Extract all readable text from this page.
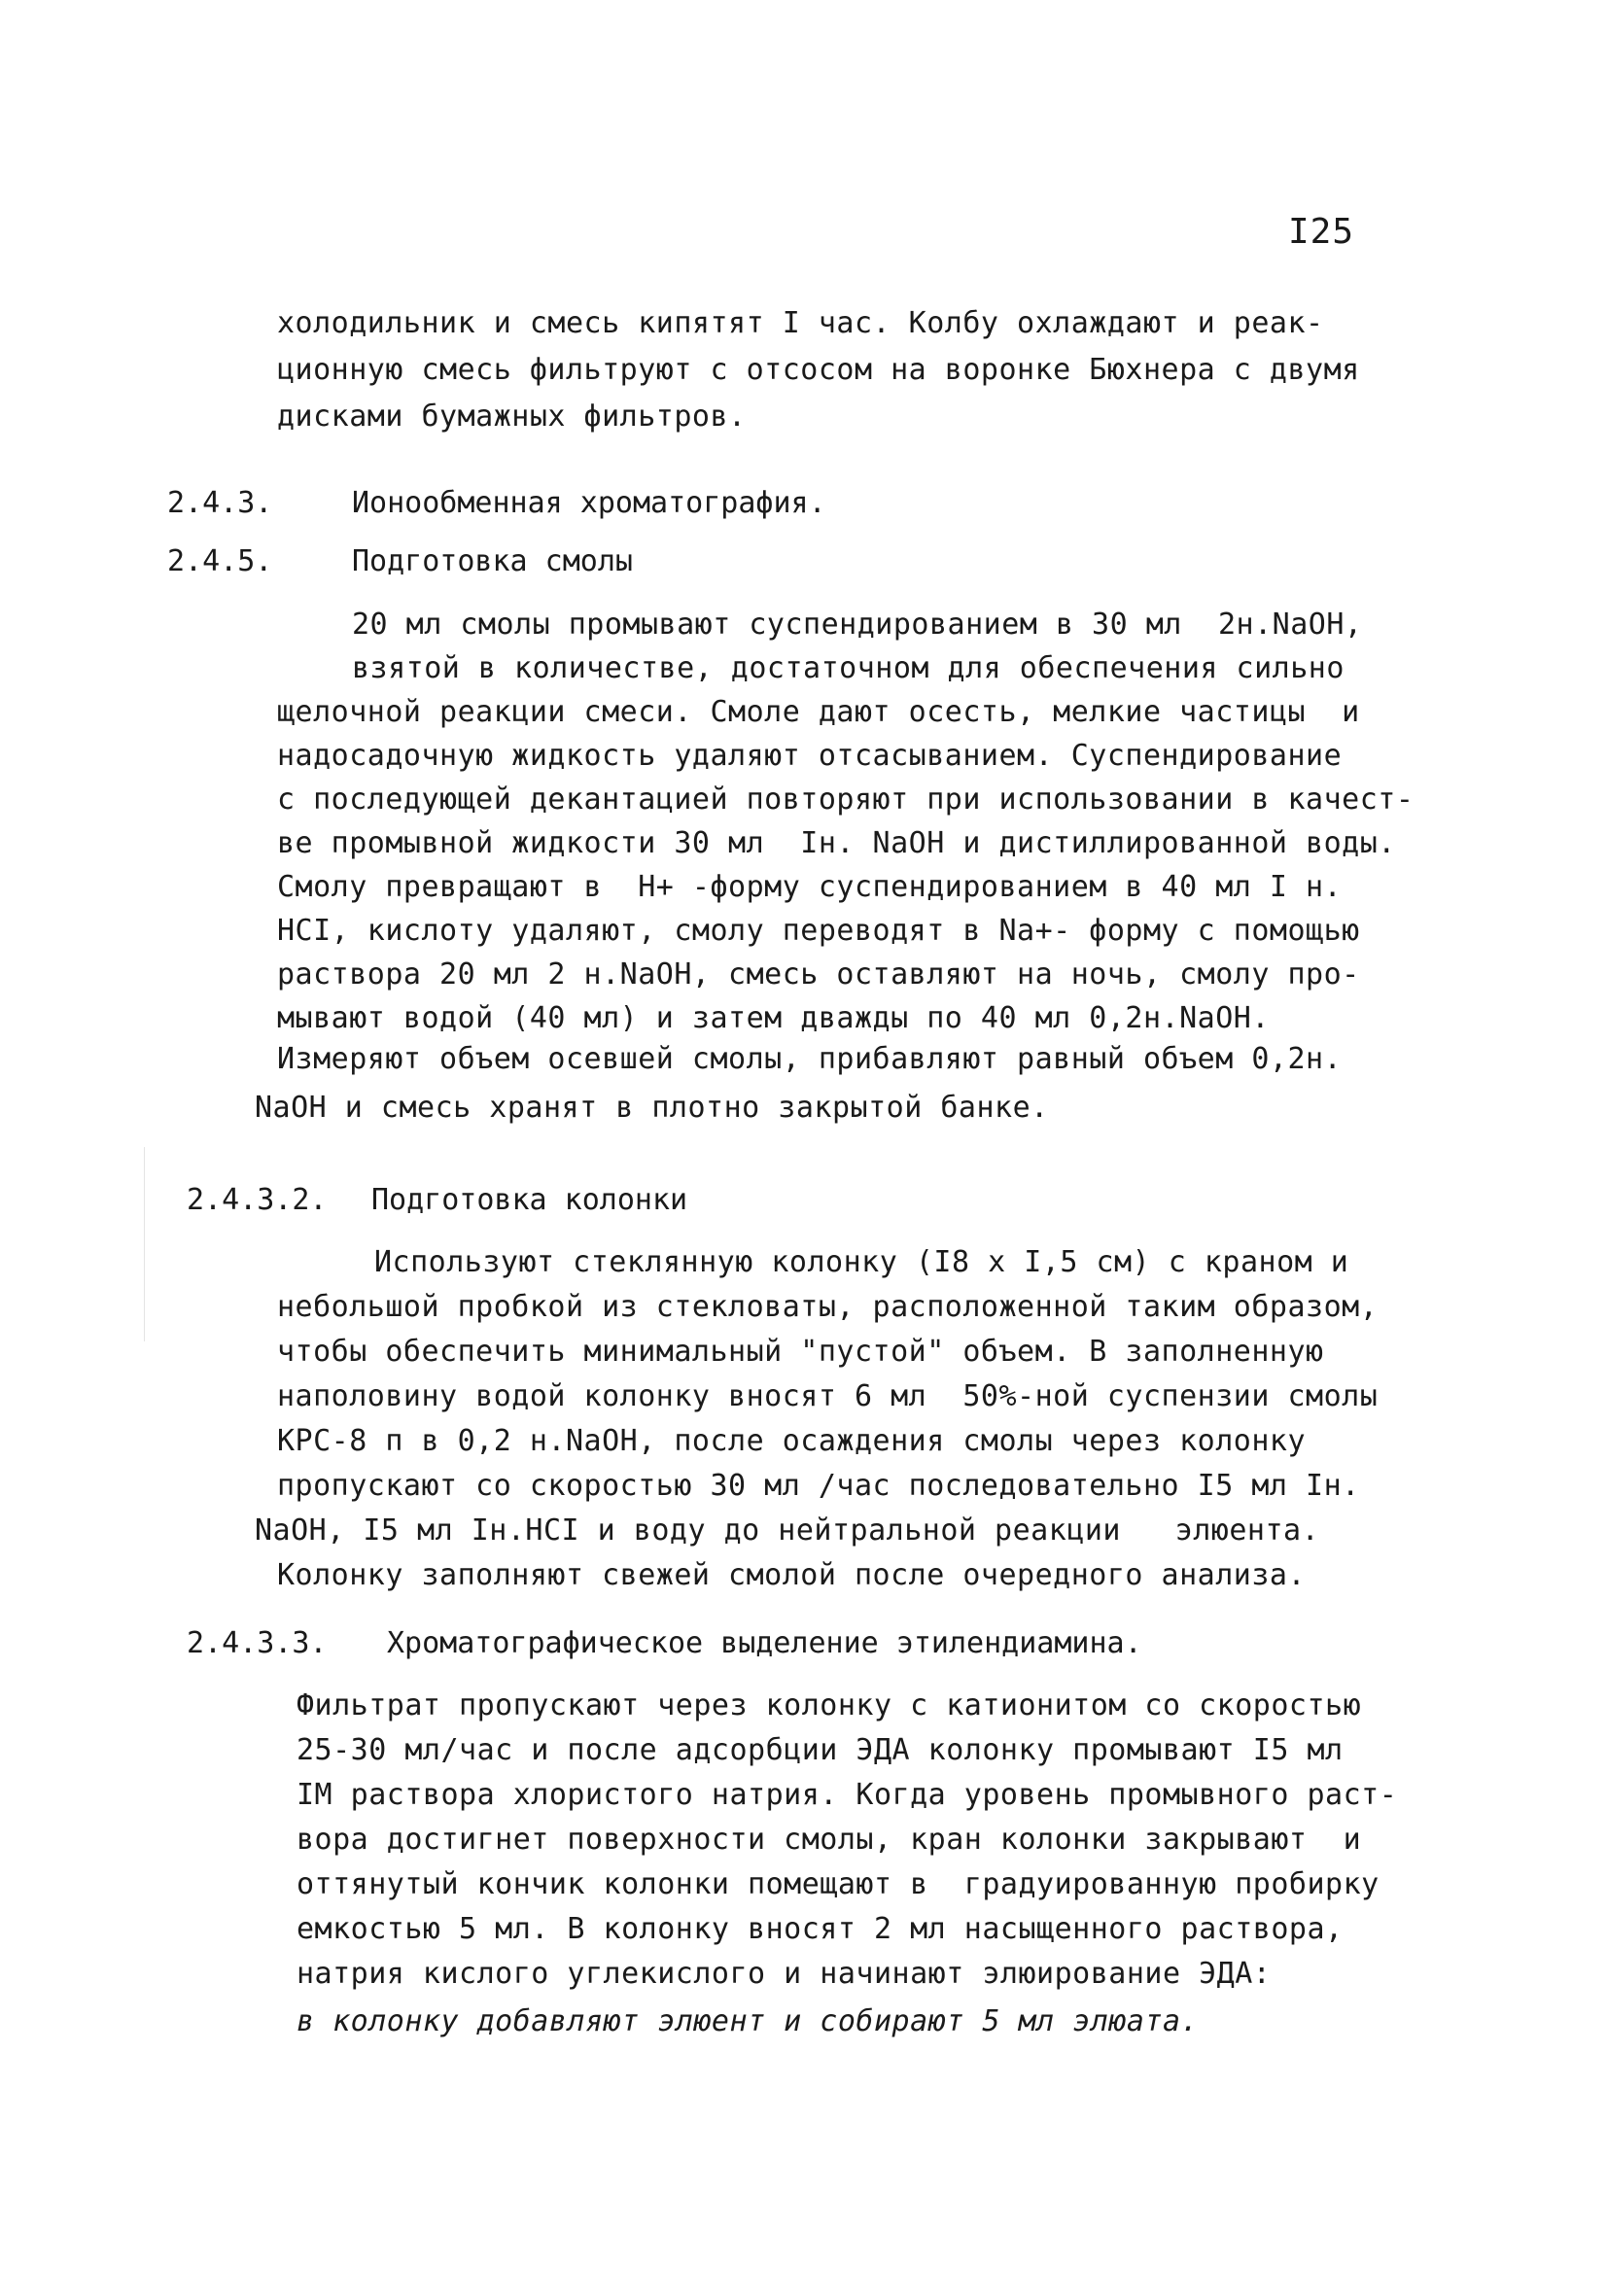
I25
холодильник и смесь кипятят I час. Колбу охлаждают и реак-
ционную смесь фильтруют с отсосом на воронке Бюхнера с двумя
дисками бумажных фильтров.
2.4.3.	Ионообменная хроматография.
2.4.5.	Подготовка смолы
20 мл смолы промывают суспендированием в 30 мл  2н.NaOH,
взятой в количестве, достаточном для обеспечения сильно
щелочной реакции смеси. Смоле дают осесть, мелкие частицы  и
надосадочную жидкость удаляют отсасыванием. Суспендирование
с последующей декантацией повторяют при использовании в качест-
ве промывной жидкости 30 мл  Iн. NaOH и дистиллированной воды.
Смолу превращают в  H+ -форму суспендированием в 40 мл I н.
HCI, кислоту удаляют, смолу переводят в Na+- форму с помощью
раствора 20 мл 2 н.NaOH, смесь оставляют на ночь, смолу про-
мывают водой (40 мл) и затем дважды по 40 мл 0,2н.NaOH.
Измеряют объем осевшей смолы, прибавляют равный объем 0,2н.
NaOH и смесь хранят в плотно закрытой банке.
2.4.3.2. Подготовка колонки
Используют стеклянную колонку (I8 x I,5 см) с краном и
небольшой пробкой из стекловаты, расположенной таким образом,
чтобы обеспечить минимальный "пустой" объем. В заполненную
наполовину водой колонку вносят 6 мл  50%-ной суспензии смолы
КРС-8 п в 0,2 н.NaOH, после осаждения смолы через колонку
пропускают со скоростью 30 мл /час последовательно I5 мл Iн.
NaOH, I5 мл Iн.HCI и воду до нейтральной реакции   элюента.
Колонку заполняют свежей смолой после очередного анализа.
2.4.3.3. Хроматографическое выделение этилендиамина.
Фильтрат пропускают через колонку с катионитом со скоростью
25-30 мл/час и после адсорбции ЭДА колонку промывают I5 мл
IM раствора хлористого натрия. Когда уровень промывного раст-
вора достигнет поверхности смолы, кран колонки закрывают  и
оттянутый кончик колонки помещают в  градуированную пробирку
емкостью 5 мл. В колонку вносят 2 мл насыщенного раствора,
натрия кислого углекислого и начинают элюирование ЭДА:
в колонку добавляют элюент и собирают 5 мл элюата.
